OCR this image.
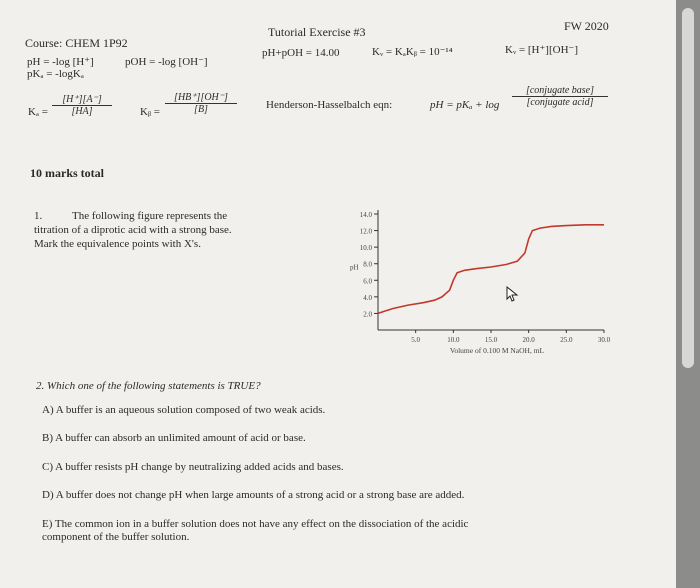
Course: CHEM 1P92
Tutorial Exercise #3	FW 2020
pH = -log [H⁺]	pOH = -log [OH⁻]
pH+pOH = 14.00	Kᵥ = KₐKᵦ = 10⁻¹⁴	Kᵥ = [H⁺][OH⁻]
pKₐ = -logKₐ
$K_a = \frac{[H^+][A^-]}{[HA]}$	Kᵦ = $\frac{[HB^+][OH^-]}{[B]}$	Henderson-Hasselbalch eqn:	pH = pKₐ + log
[conjugate base]
[conjugate acid]
10 marks total
1.	The following figure represents the
titration of a diprotic acid with a strong base.
Mark the equivalence points with X's.
2.0
4.0
6.0
8.0
10.0
12.0
14.0
5.0	10.0	15.0	20.0	25.0	30.0
pH
Volume of 0.100 M NaOH, mL
2. Which one of the following statements is TRUE?
A) A buffer is an aqueous solution composed of two weak acids.
B) A buffer can absorb an unlimited amount of acid or base.
C) A buffer resists pH change by neutralizing added acids and bases.
D) A buffer does not change pH when large amounts of a strong acid or a strong base are added.
E) The common ion in a buffer solution does not have any effect on the dissociation of the acidic
component of the buffer solution.
